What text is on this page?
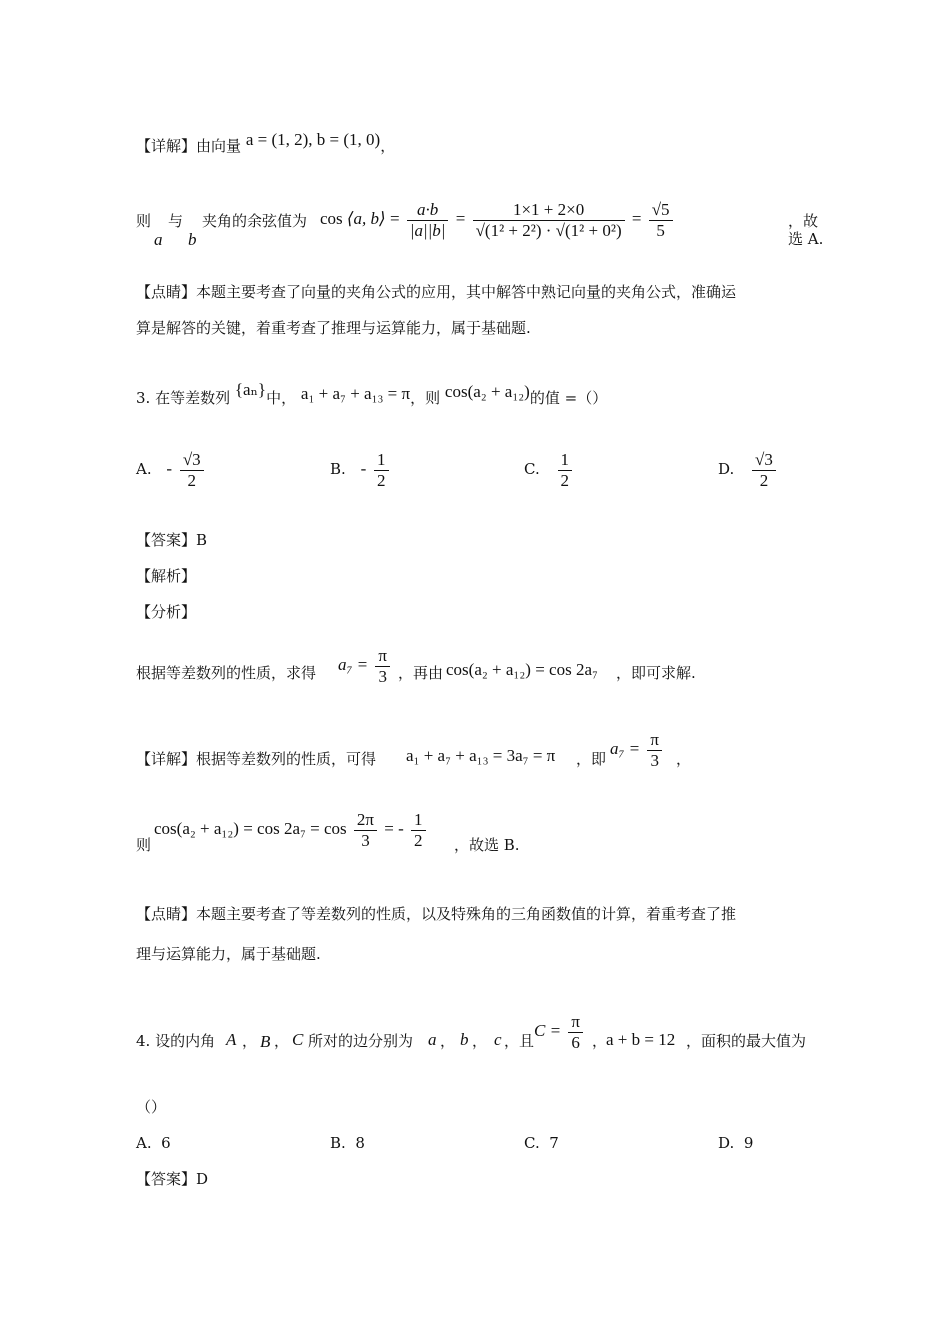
【详解】由向量 a = (1, 2), b = (1, 0)，
则
a
与
b
夹角的余弦值为 cos ⟨a, b⟩ = $\frac{a\cdot b}{|a||b|} = \frac{1\times 1 + 2\times 0}{\text{√(1² + 2²) · √(1² + 0²)}} = \frac{√5}{5}$	，故选 A.
【点睛】本题主要考查了向量的夹角公式的应用，其中解答中熟记向量的夹角公式，准确运
算是解答的关键，着重考查了推理与运算能力，属于基础题.
3. 在等差数列 {aₙ}中， a₁ + a₇ + a₁₃ = π，则 cos(a₂ + a₁₂)的值 =（）
A. - $\frac{√3}{2}$	B. - $\frac{1}{2}$	C. $\frac{1}{2}$	D. $\frac{√3}{2}$
【答案】B
【解析】
【分析】
根据等差数列的性质，求得 $a_7 = \frac{\pi}{3}$ ，再由 cos(a₂ + a₁₂) = cos 2a₇ ，即可求解.
【详解】根据等差数列的性质，可得 a₁ + a₇ + a₁₃ = 3a₇ = π ，即
$a_7 = \frac{\pi}{3}$ ，
则
$\cos(a_2 + a_{12}) = \cos 2a_7 = \cos \frac{2\pi}{3}$ = - $\frac{1}{2}$ ，故选 B.
【点睛】本题主要考查了等差数列的性质，以及特殊角的三角函数值的计算，着重考查了推
理与运算能力，属于基础题.
4. 设的内角 A ， B ， C 所对的边分别为 a ， b ， c ，且
$C = \frac{\pi}{6}$ ，
a + b = 12 ，面积的最大值为
（）
A. 6	B. 8	C. 7	D. 9
【答案】D
